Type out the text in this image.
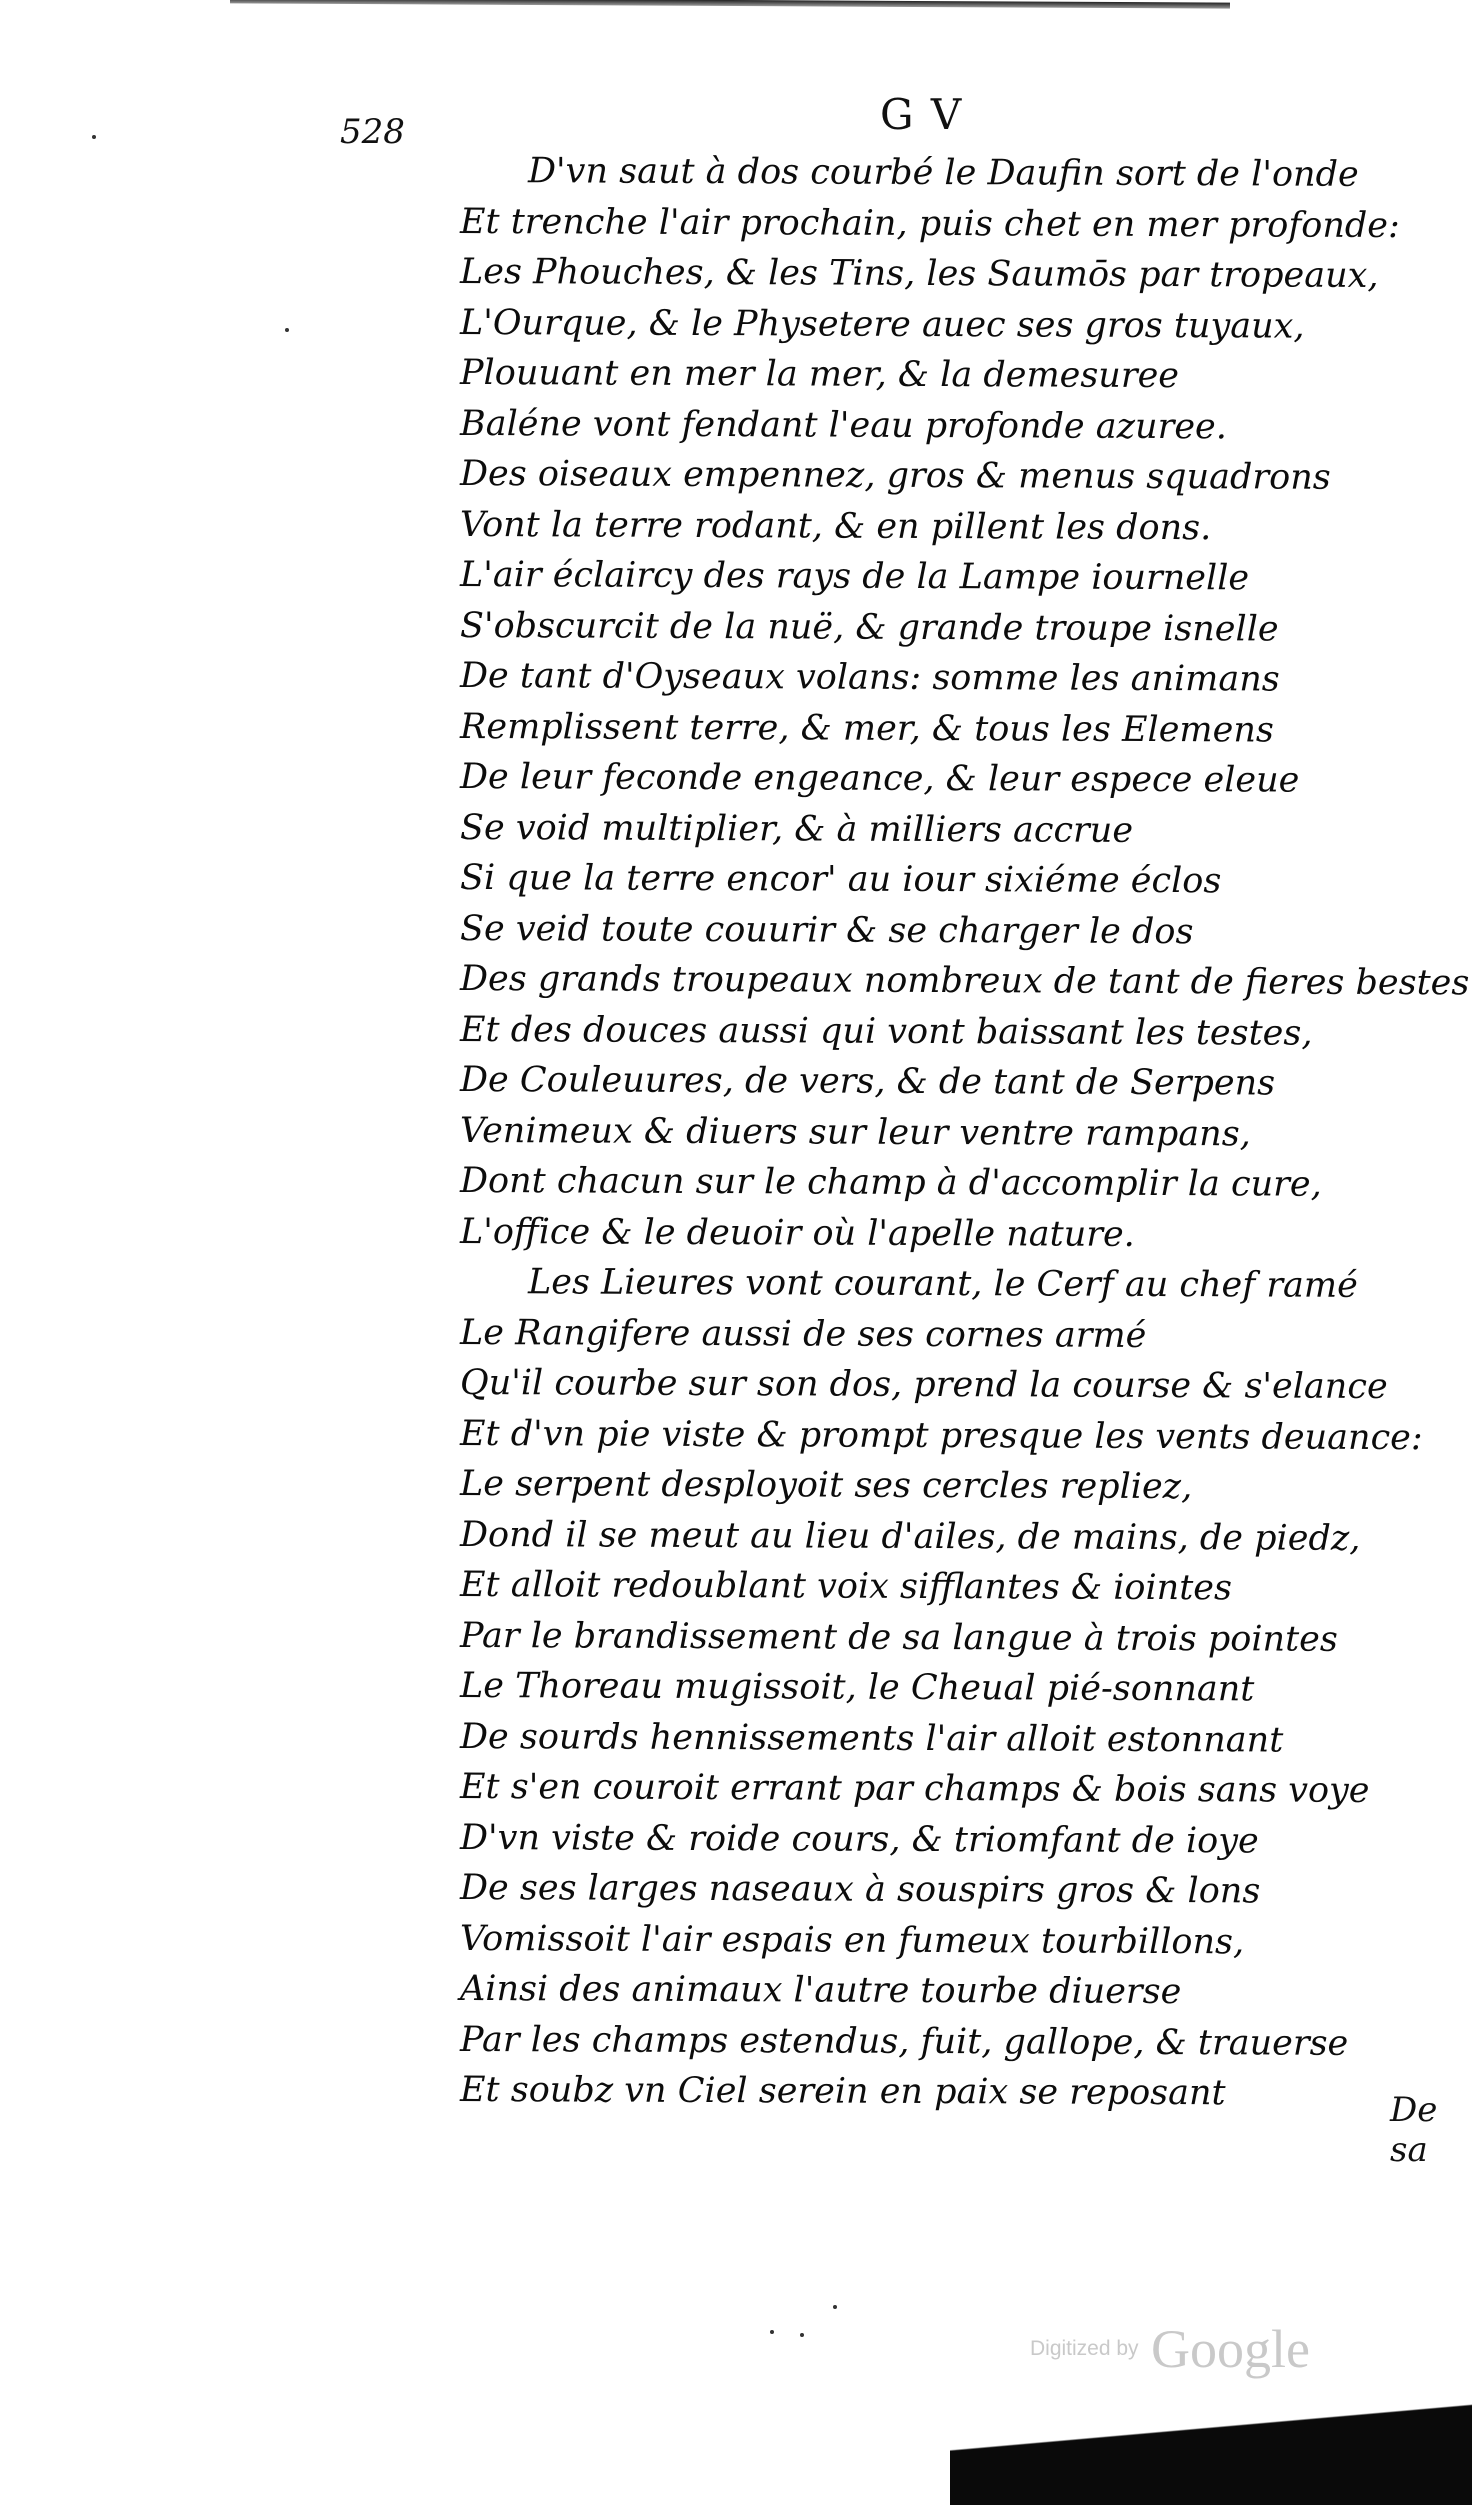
528	G V
D'vn saut à dos courbé le Daufin sort de l'onde
Et trenche l'air prochain, puis chet en mer profonde:
Les Phouches, & les Tins, les Saumōs par tropeaux,
L'Ourque, & le Physetere auec ses gros tuyaux,
Plouuant en mer la mer, & la demesuree
Baléne vont fendant l'eau profonde azuree.
Des oiseaux empennez, gros & menus squadrons
Vont la terre rodant, & en pillent les dons.
L'air éclaircy des rays de la Lampe iournelle
S'obscurcit de la nuë, & grande troupe isnelle
De tant d'Oyseaux volans: somme les animans
Remplissent terre, & mer, & tous les Elemens
De leur feconde engeance, & leur espece eleue
Se void multiplier, & à milliers accrue
Si que la terre encor' au iour sixiéme éclos
Se veid toute couurir & se charger le dos
Des grands troupeaux nombreux de tant de fieres bestes
Et des douces aussi qui vont baissant les testes,
De Couleuures, de vers, & de tant de Serpens
Venimeux & diuers sur leur ventre rampans,
Dont chacun sur le champ à d'accomplir la cure,
L'office & le deuoir où l'apelle nature.
Les Lieures vont courant, le Cerf au chef ramé
Le Rangifere aussi de ses cornes armé
Qu'il courbe sur son dos, prend la course & s'elance
Et d'vn pie viste & prompt presque les vents deuance:
Le serpent desployoit ses cercles repliez,
Dond il se meut au lieu d'ailes, de mains, de piedz,
Et alloit redoublant voix sifflantes & iointes
Par le brandissement de sa langue à trois pointes
Le Thoreau mugissoit, le Cheual pié-sonnant
De sourds hennissements l'air alloit estonnant
Et s'en couroit errant par champs & bois sans voye
D'vn viste & roide cours, & triomfant de ioye
De ses larges naseaux à souspirs gros & lons
Vomissoit l'air espais en fumeux tourbillons,
Ainsi des animaux l'autre tourbe diuerse
Par les champs estendus, fuit, gallope, & trauerse
Et soubz vn Ciel serein en paix se reposant	De sa
Digitized by Google
